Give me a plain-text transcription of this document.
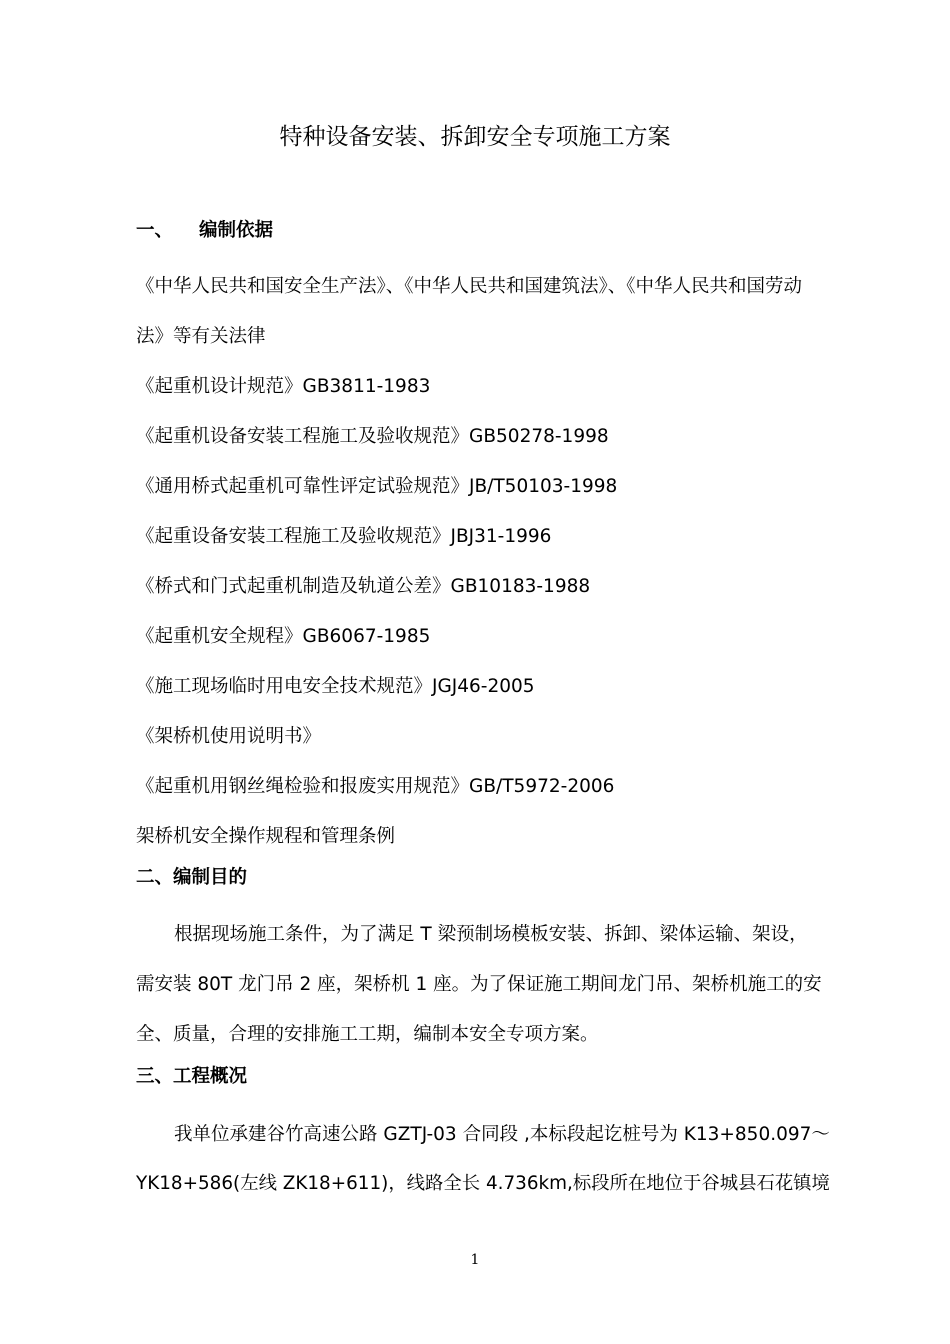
特种设备安装、拆卸安全专项施工方案
一、 编制依据
《中华人民共和国安全生产法》、《中华人民共和国建筑法》、《中华人民共和国劳动
法》等有关法律
《起重机设计规范》GB3811-1983
《起重机设备安装工程施工及验收规范》GB50278-1998
《通用桥式起重机可靠性评定试验规范》JB/T50103-1998
《起重设备安装工程施工及验收规范》JBJ31-1996
《桥式和门式起重机制造及轨道公差》GB10183-1988
《起重机安全规程》GB6067-1985
《施工现场临时用电安全技术规范》JGJ46-2005
《架桥机使用说明书》
《起重机用钢丝绳检验和报废实用规范》GB/T5972-2006
架桥机安全操作规程和管理条例
二、编制目的
根据现场施工条件，为了满足 T 梁预制场模板安装、拆卸、梁体运输、架设，
需安装 80T 龙门吊 2 座，架桥机 1 座。为了保证施工期间龙门吊、架桥机施工的安
全、质量，合理的安排施工工期，编制本安全专项方案。
三、工程概况
我单位承建谷竹高速公路 GZTJ-03 合同段 ,本标段起讫桩号为 K13+850.097～
YK18+586(左线 ZK18+611)，线路全长 4.736km,标段所在地位于谷城县石花镇境
1
